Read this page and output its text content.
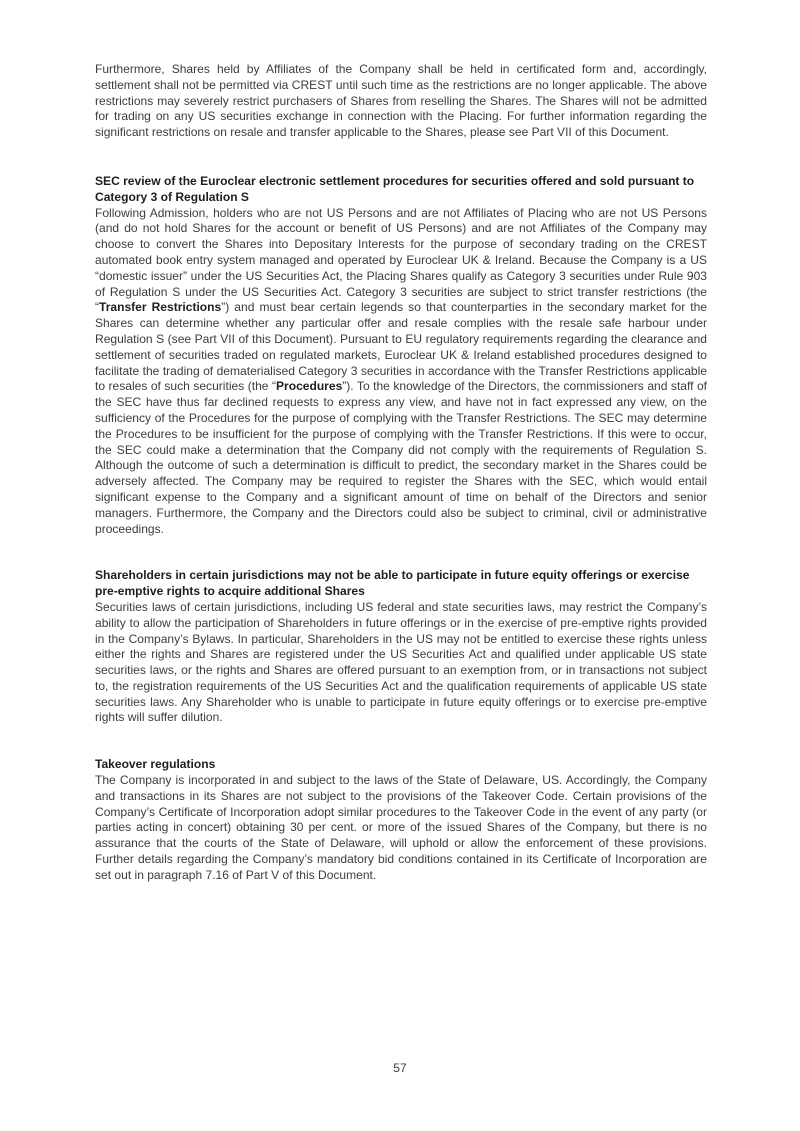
Furthermore, Shares held by Affiliates of the Company shall be held in certificated form and, accordingly, settlement shall not be permitted via CREST until such time as the restrictions are no longer applicable. The above restrictions may severely restrict purchasers of Shares from reselling the Shares. The Shares will not be admitted for trading on any US securities exchange in connection with the Placing. For further information regarding the significant restrictions on resale and transfer applicable to the Shares, please see Part VII of this Document.

SEC review of the Euroclear electronic settlement procedures for securities offered and sold pursuant to Category 3 of Regulation S

Following Admission, holders who are not US Persons and are not Affiliates of Placing who are not US Persons (and do not hold Shares for the account or benefit of US Persons) and are not Affiliates of the Company may choose to convert the Shares into Depositary Interests for the purpose of secondary trading on the CREST automated book entry system managed and operated by Euroclear UK & Ireland. Because the Company is a US “domestic issuer” under the US Securities Act, the Placing Shares qualify as Category 3 securities under Rule 903 of Regulation S under the US Securities Act. Category 3 securities are subject to strict transfer restrictions (the “Transfer Restrictions”) and must bear certain legends so that counterparties in the secondary market for the Shares can determine whether any particular offer and resale complies with the resale safe harbour under Regulation S (see Part VII of this Document). Pursuant to EU regulatory requirements regarding the clearance and settlement of securities traded on regulated markets, Euroclear UK & Ireland established procedures designed to facilitate the trading of dematerialised Category 3 securities in accordance with the Transfer Restrictions applicable to resales of such securities (the “Procedures”). To the knowledge of the Directors, the commissioners and staff of the SEC have thus far declined requests to express any view, and have not in fact expressed any view, on the sufficiency of the Procedures for the purpose of complying with the Transfer Restrictions. The SEC may determine the Procedures to be insufficient for the purpose of complying with the Transfer Restrictions. If this were to occur, the SEC could make a determination that the Company did not comply with the requirements of Regulation S. Although the outcome of such a determination is difficult to predict, the secondary market in the Shares could be adversely affected. The Company may be required to register the Shares with the SEC, which would entail significant expense to the Company and a significant amount of time on behalf of the Directors and senior managers. Furthermore, the Company and the Directors could also be subject to criminal, civil or administrative proceedings.

Shareholders in certain jurisdictions may not be able to participate in future equity offerings or exercise pre-emptive rights to acquire additional Shares

Securities laws of certain jurisdictions, including US federal and state securities laws, may restrict the Company’s ability to allow the participation of Shareholders in future offerings or in the exercise of pre-emptive rights provided in the Company’s Bylaws. In particular, Shareholders in the US may not be entitled to exercise these rights unless either the rights and Shares are registered under the US Securities Act and qualified under applicable US state securities laws, or the rights and Shares are offered pursuant to an exemption from, or in transactions not subject to, the registration requirements of the US Securities Act and the qualification requirements of applicable US state securities laws. Any Shareholder who is unable to participate in future equity offerings or to exercise pre-emptive rights will suffer dilution.

Takeover regulations

The Company is incorporated in and subject to the laws of the State of Delaware, US. Accordingly, the Company and transactions in its Shares are not subject to the provisions of the Takeover Code. Certain provisions of the Company’s Certificate of Incorporation adopt similar procedures to the Takeover Code in the event of any party (or parties acting in concert) obtaining 30 per cent. or more of the issued Shares of the Company, but there is no assurance that the courts of the State of Delaware, will uphold or allow the enforcement of these provisions. Further details regarding the Company’s mandatory bid conditions contained in its Certificate of Incorporation are set out in paragraph 7.16 of Part V of this Document.

57
